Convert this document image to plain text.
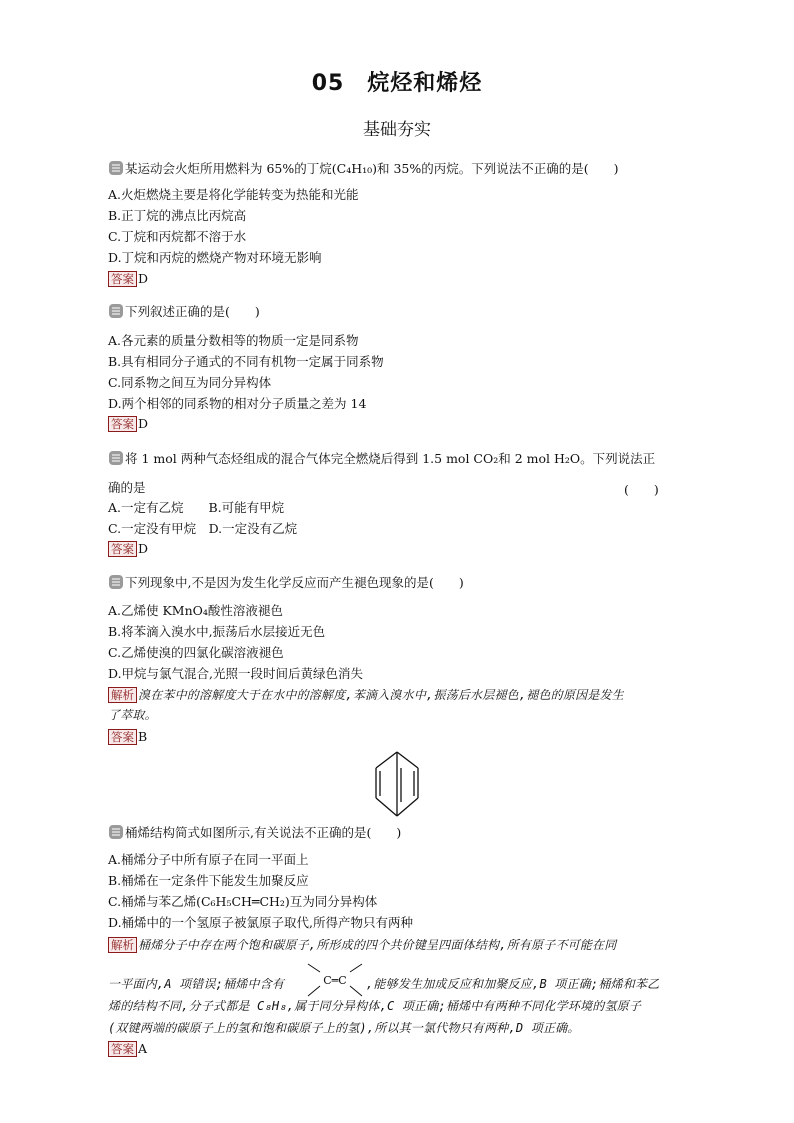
05　烷烃和烯烃
基础夯实
某运动会火炬所用燃料为 65%的丁烷(C₄H₁₀)和 35%的丙烷。下列说法不正确的是(　　)
A.火炬燃烧主要是将化学能转变为热能和光能
B.正丁烷的沸点比丙烷高
C.丁烷和丙烷都不溶于水
D.丁烷和丙烷的燃烧产物对环境无影响
答案 D
下列叙述正确的是(　　)
A.各元素的质量分数相等的物质一定是同系物
B.具有相同分子通式的不同有机物一定属于同系物
C.同系物之间互为同分异构体
D.两个相邻的同系物的相对分子质量之差为 14
答案 D
将 1 mol 两种气态烃组成的混合气体完全燃烧后得到 1.5 mol CO₂和 2 mol H₂O。下列说法正
确的是	(　　)
A.一定有乙烷　　B.可能有甲烷
C.一定没有甲烷　D.一定没有乙烷
答案 D
下列现象中,不是因为发生化学反应而产生褪色现象的是(　　)
A.乙烯使 KMnO₄酸性溶液褪色
B.将苯滴入溴水中,振荡后水层接近无色
C.乙烯使溴的四氯化碳溶液褪色
D.甲烷与氯气混合,光照一段时间后黄绿色消失
解析 溴在苯中的溶解度大于在水中的溶解度,苯滴入溴水中,振荡后水层褪色,褪色的原因是发生
了萃取。
答案 B
桶烯结构简式如图所示,有关说法不正确的是(　　)
A.桶烯分子中所有原子在同一平面上
B.桶烯在一定条件下能发生加聚反应
C.桶烯与苯乙烯(C₆H₅CH═CH₂)互为同分异构体
D.桶烯中的一个氢原子被氯原子取代,所得产物只有两种
解析 桶烯分子中存在两个饱和碳原子,所形成的四个共价键呈四面体结构,所有原子不可能在同
一平面内,A 项错误;桶烯中含有	C═C ,能够发生加成反应和加聚反应,B 项正确;桶烯和苯乙
烯的结构不同,分子式都是 C₈H₈,属于同分异构体,C 项正确;桶烯中有两种不同化学环境的氢原子
(双键两端的碳原子上的氢和饱和碳原子上的氢),所以其一氯代物只有两种,D 项正确。
答案 A
